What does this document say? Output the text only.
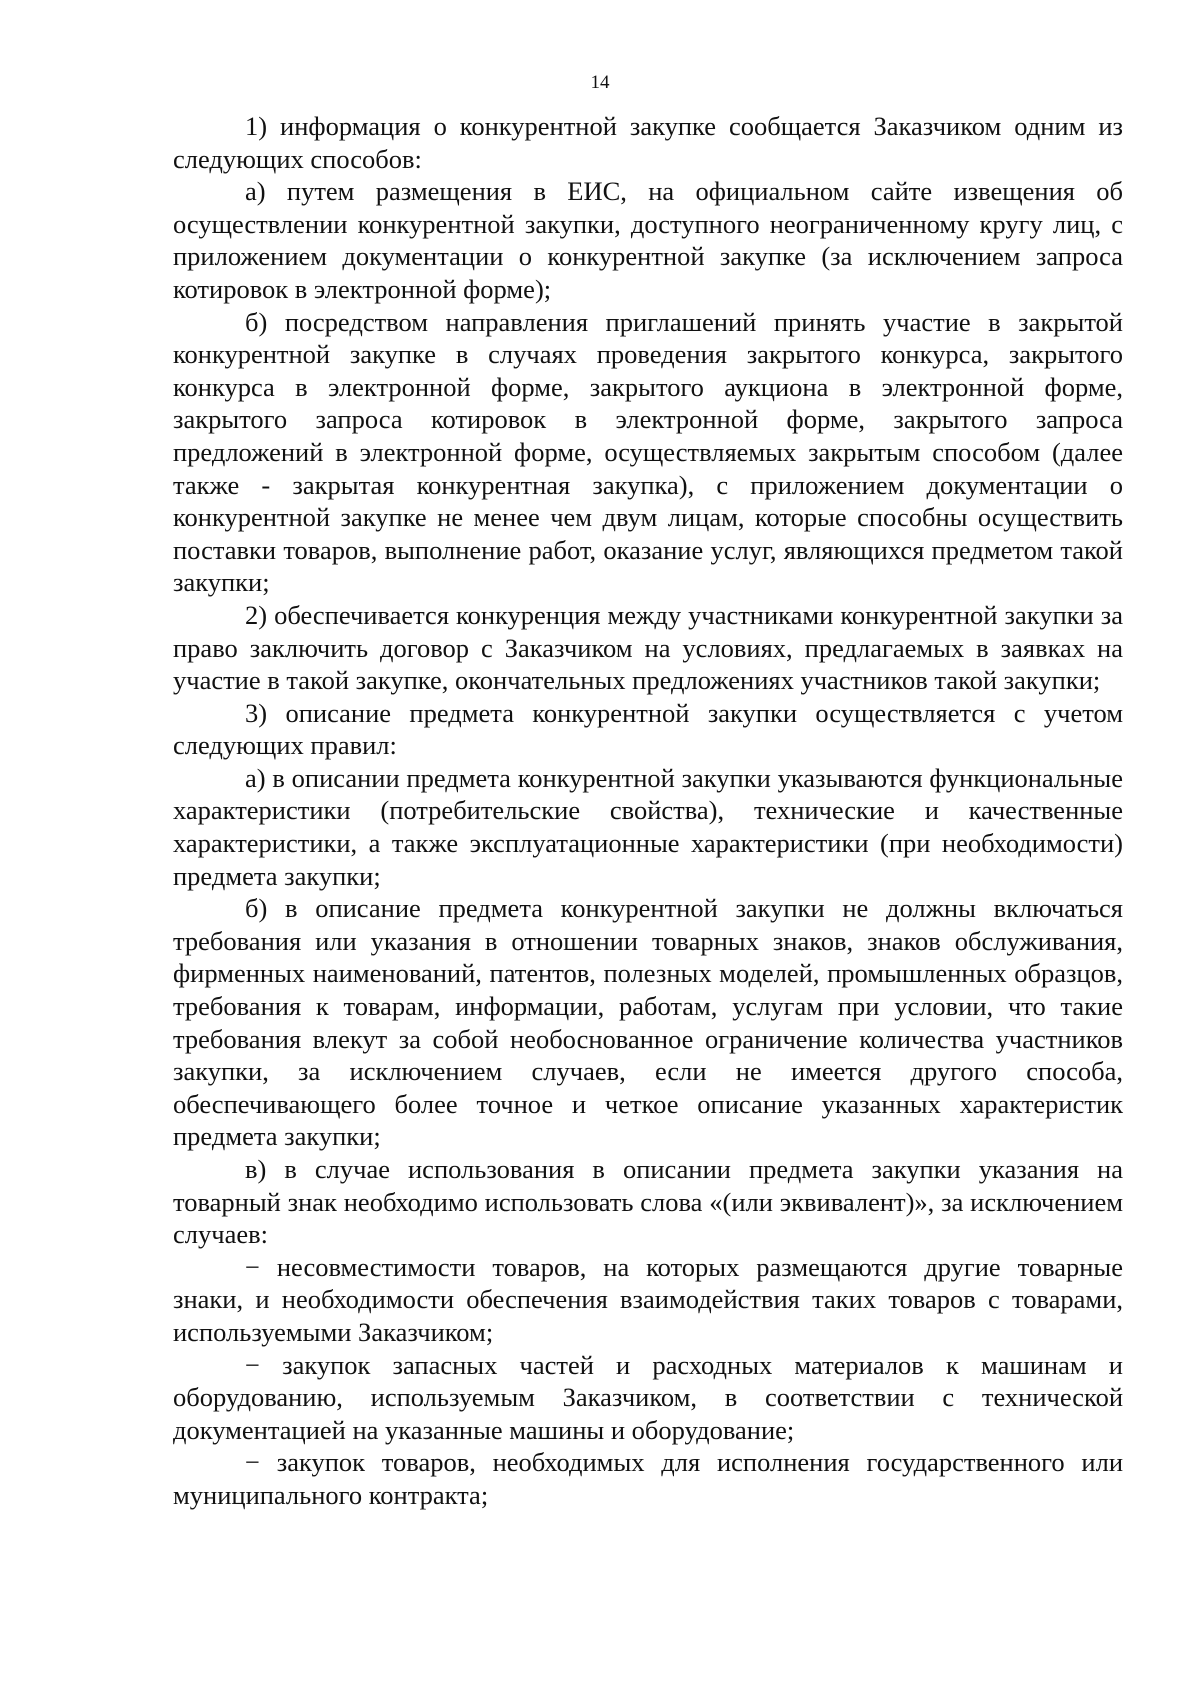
14

1) информация о конкурентной закупке сообщается Заказчиком одним из следующих способов:

а) путем размещения в ЕИС, на официальном сайте извещения об осуществлении конкурентной закупки, доступного неограниченному кругу лиц, с приложением документации о конкурентной закупке (за исключением запроса котировок в электронной форме);

б) посредством направления приглашений принять участие в закрытой конкурентной закупке в случаях проведения закрытого конкурса, закрытого конкурса в электронной форме, закрытого аукциона в электронной форме, закрытого запроса котировок в электронной форме, закрытого запроса предложений в электронной форме, осуществляемых закрытым способом (далее также - закрытая конкурентная закупка), с приложением документации о конкурентной закупке не менее чем двум лицам, которые способны осуществить поставки товаров, выполнение работ, оказание услуг, являющихся предметом такой закупки;

2) обеспечивается конкуренция между участниками конкурентной закупки за право заключить договор с Заказчиком на условиях, предлагаемых в заявках на участие в такой закупке, окончательных предложениях участников такой закупки;

3) описание предмета конкурентной закупки осуществляется с учетом следующих правил:

а) в описании предмета конкурентной закупки указываются функциональные характеристики (потребительские свойства), технические и качественные характеристики, а также эксплуатационные характеристики (при необходимости) предмета закупки;

б) в описание предмета конкурентной закупки не должны включаться требования или указания в отношении товарных знаков, знаков обслуживания, фирменных наименований, патентов, полезных моделей, промышленных образцов, требования к товарам, информации, работам, услугам при условии, что такие требования влекут за собой необоснованное ограничение количества участников закупки, за исключением случаев, если не имеется другого способа, обеспечивающего более точное и четкое описание указанных характеристик предмета закупки;

в) в случае использования в описании предмета закупки указания на товарный знак необходимо использовать слова «(или эквивалент)», за исключением случаев:

− несовместимости товаров, на которых размещаются другие товарные знаки, и необходимости обеспечения взаимодействия таких товаров с товарами, используемыми Заказчиком;

− закупок запасных частей и расходных материалов к машинам и оборудованию, используемым Заказчиком, в соответствии с технической документацией на указанные машины и оборудование;

− закупок товаров, необходимых для исполнения государственного или муниципального контракта;
